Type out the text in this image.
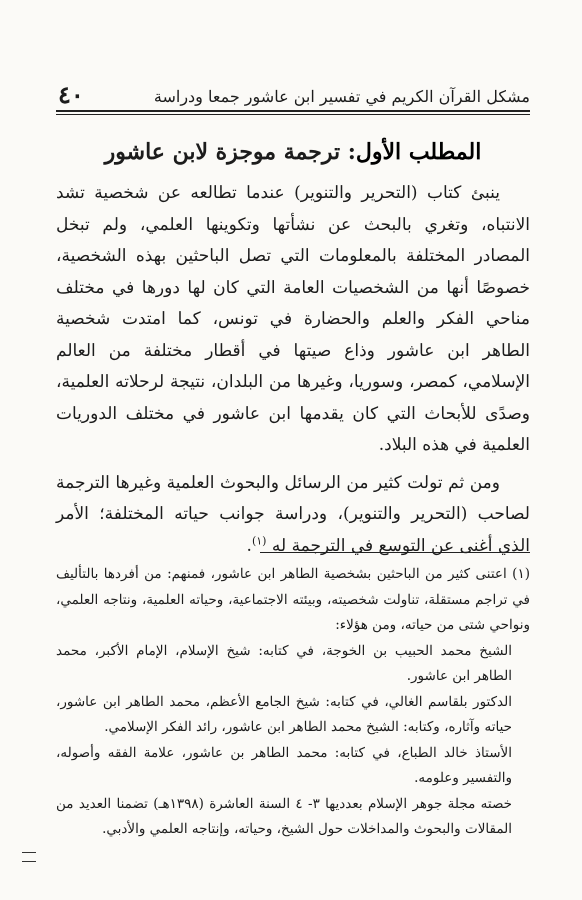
مشكل القرآن الكريم في تفسير ابن عاشور جمعا ودراسة
٤٠
المطلب الأول: ترجمة موجزة لابن عاشور

ينبئ كتاب (التحرير والتنوير) عندما تطالعه عن شخصية تشد الانتباه، وتغري بالبحث عن نشأتها وتكوينها العلمي، ولم تبخل المصادر المختلفة بالمعلومات التي تصل الباحثين بهذه الشخصية، خصوصًا أنها من الشخصيات العامة التي كان لها دورها في مختلف مناحي الفكر والعلم والحضارة في تونس، كما امتدت شخصية الطاهر ابن عاشور وذاع صيتها في أقطار مختلفة من العالم الإسلامي، كمصر، وسوريا، وغيرها من البلدان، نتيجة لرحلاته العلمية، وصدًى للأبحاث التي كان يقدمها ابن عاشور في مختلف الدوريات العلمية في هذه البلاد.

ومن ثم تولت كثير من الرسائل والبحوث العلمية وغيرها الترجمة لصاحب (التحرير والتنوير)، ودراسة جوانب حياته المختلفة؛ الأمر الذي أغنى عن التوسع في الترجمة له $^{(١)}$.

(١) اعتنى كثير من الباحثين بشخصية الطاهر ابن عاشور، فمنهم: من أفردها بالتأليف في تراجم مستقلة، تناولت شخصيته، وبيئته الاجتماعية، وحياته العلمية، ونتاجه العلمي، ونواحي شتى من حياته، ومن هؤلاء:

الشيخ محمد الحبيب بن الخوجة، في كتابه: شيخ الإسلام، الإمام الأكبر، محمد الطاهر ابن عاشور.

الدكتور بلقاسم الغالي، في كتابه: شيخ الجامع الأعظم، محمد الطاهر ابن عاشور، حياته وآثاره، وكتابه: الشيخ محمد الطاهر ابن عاشور، رائد الفكر الإسلامي.

الأستاذ خالد الطباع، في كتابه: محمد الطاهر بن عاشور، علامة الفقه وأصوله، والتفسير وعلومه.

خصته مجلة جوهر الإسلام بعدديها ٣- ٤ السنة العاشرة (١٣٩٨هـ) تضمنا العديد من المقالات والبحوث والمداخلات حول الشيخ، وحياته، وإنتاجه العلمي والأدبي.
